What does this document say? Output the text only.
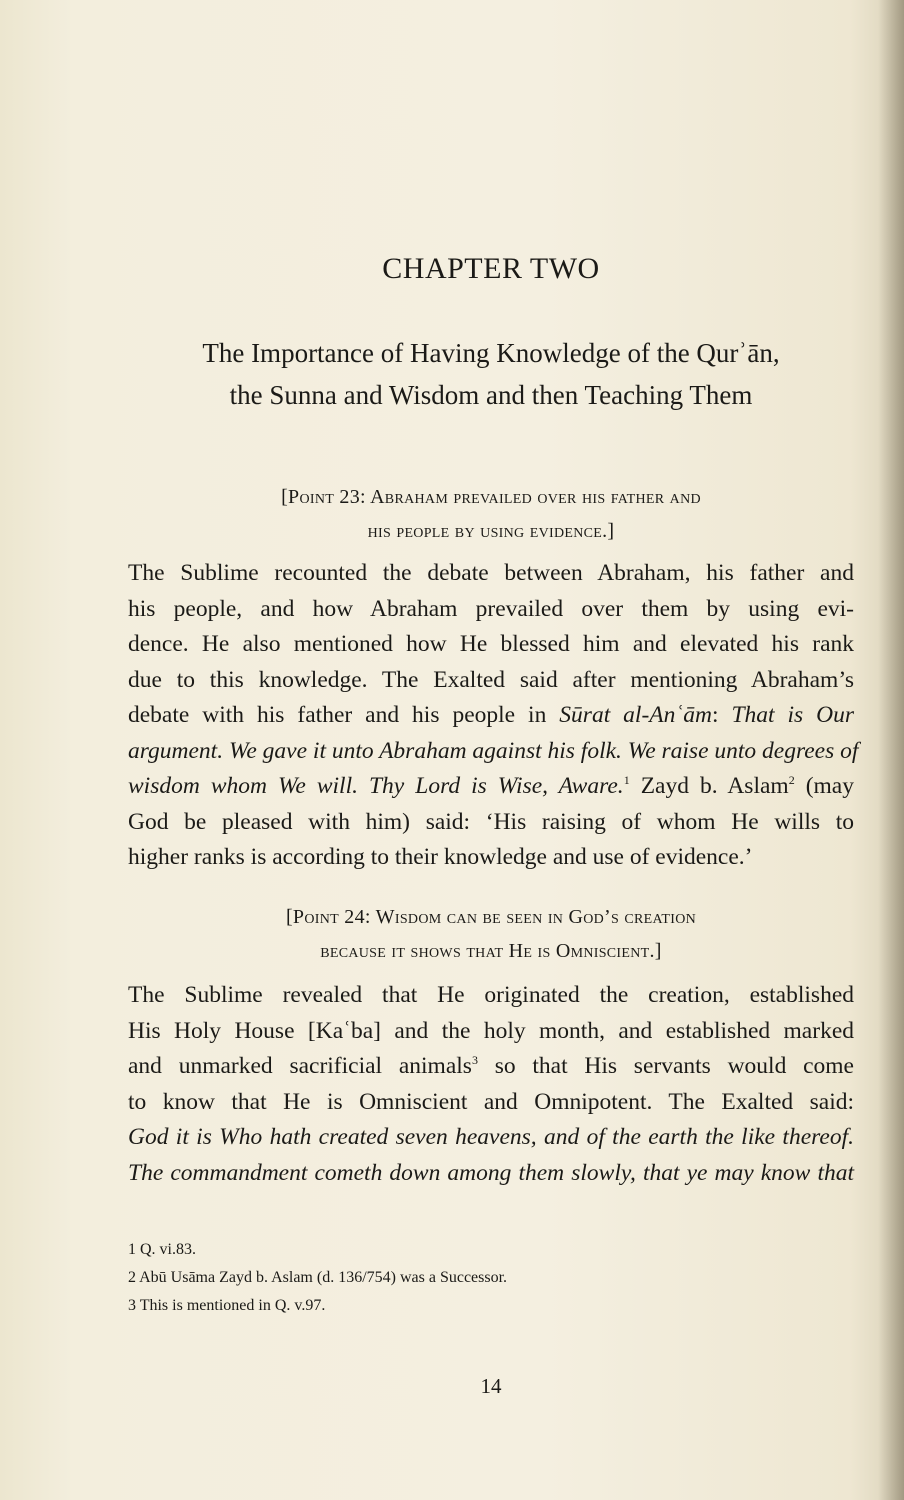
CHAPTER TWO
The Importance of Having Knowledge of the Qurʾān,
the Sunna and Wisdom and then Teaching Them
[Point 23: Abraham prevailed over his father and
his people by using evidence.]
The Sublime recounted the debate between Abraham, his father and
his people, and how Abraham prevailed over them by using evi-
dence. He also mentioned how He blessed him and elevated his rank
due to this knowledge. The Exalted said after mentioning Abraham’s
debate with his father and his people in Sūrat al-Anʿām: That is Our
argument. We gave it unto Abraham against his folk. We raise unto degrees of
wisdom whom We will. Thy Lord is Wise, Aware.$^1$ Zayd b. Aslam$^2$ (may
God be pleased with him) said: ‘His raising of whom He wills to
higher ranks is according to their knowledge and use of evidence.’
[Point 24: Wisdom can be seen in God’s creation
because it shows that He is Omniscient.]
The Sublime revealed that He originated the creation, established
His Holy House [Kaʿba] and the holy month, and established marked
and unmarked sacrificial animals$^3$ so that His servants would come
to know that He is Omniscient and Omnipotent. The Exalted said:
God it is Who hath created seven heavens, and of the earth the like thereof.
The commandment cometh down among them slowly, that ye may know that
1 Q. vi.83.
2 Abū Usāma Zayd b. Aslam (d. 136/754) was a Successor.
3 This is mentioned in Q. v.97.
14
